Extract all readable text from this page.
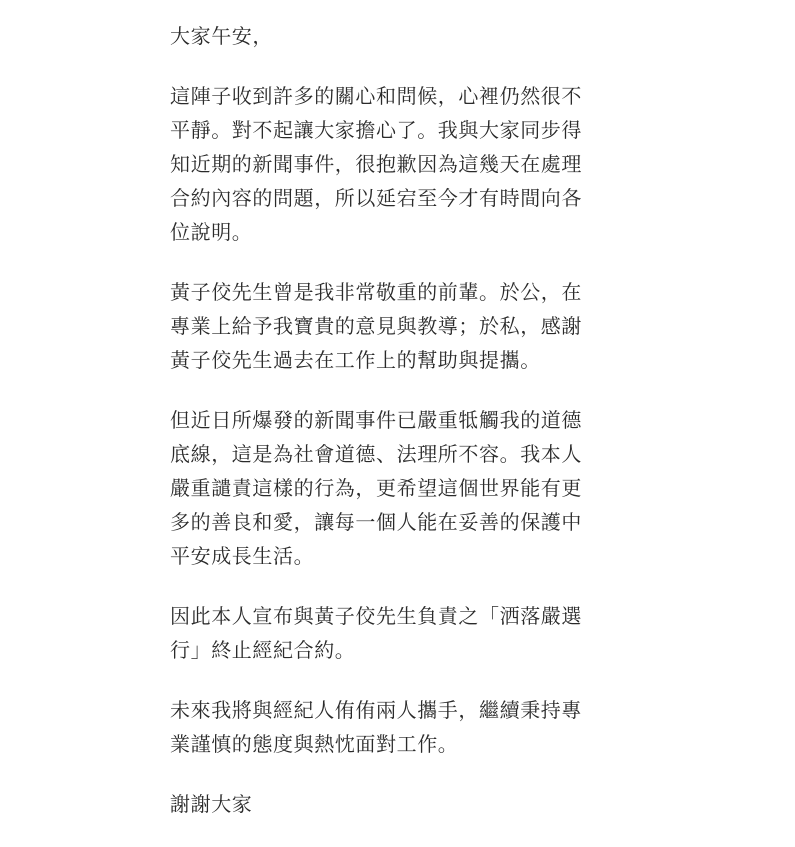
大家午安，
這陣子收到許多的關心和問候，心裡仍然很不
平靜。對不起讓大家擔心了。我與大家同步得
知近期的新聞事件，很抱歉因為這幾天在處理
合約內容的問題，所以延宕至今才有時間向各
位說明。
黃子佼先生曾是我非常敬重的前輩。於公，在
專業上給予我寶貴的意見與教導；於私，感謝
黃子佼先生過去在工作上的幫助與提攜。
但近日所爆發的新聞事件已嚴重牴觸我的道德
底線，這是為社會道德、法理所不容。我本人
嚴重譴責這樣的行為，更希望這個世界能有更
多的善良和愛，讓每一個人能在妥善的保護中
平安成長生活。
因此本人宣布與黃子佼先生負責之「洒落嚴選
行」終止經紀合約。
未來我將與經紀人侑侑兩人攜手，繼續秉持專
業謹慎的態度與熱忱面對工作。
謝謝大家
